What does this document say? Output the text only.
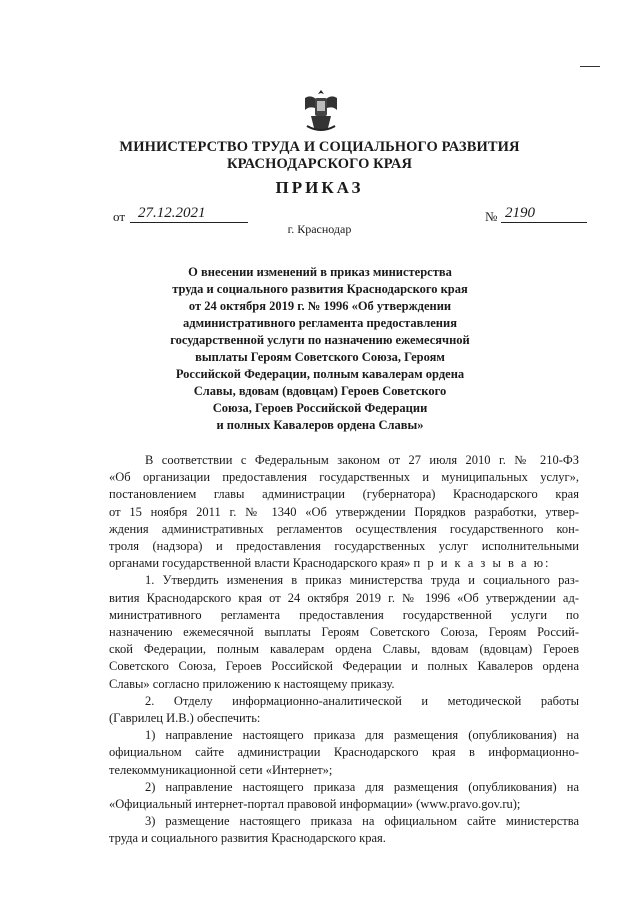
МИНИСТЕРСТВО ТРУДА И СОЦИАЛЬНОГО РАЗВИТИЯ
КРАСНОДАРСКОГО КРАЯ
ПРИКАЗ
от 27.12.2021	№ 2190
г. Краснодар
О внесении изменений в приказ министерства
труда и социального развития Краснодарского края
от 24 октября 2019 г. № 1996 «Об утверждении
административного регламента предоставления
государственной услуги по назначению ежемесячной
выплаты Героям Советского Союза, Героям
Российской Федерации, полным кавалерам ордена
Славы, вдовам (вдовцам) Героев Советского
Союза, Героев Российской Федерации
и полных Кавалеров ордена Славы»
В соответствии с Федеральным законом от 27 июля 2010 г. № 210-ФЗ
«Об организации предоставления государственных и муниципальных услуг»,
постановлением главы администрации (губернатора) Краснодарского края
от 15 ноября 2011 г. № 1340 «Об утверждении Порядков разработки, утвер-
ждения административных регламентов осуществления государственного кон-
троля (надзора) и предоставления государственных услуг исполнительными
органами государственной власти Краснодарского края» п р и к а з ы в а ю:
1. Утвердить изменения в приказ министерства труда и социального раз-
вития Краснодарского края от 24 октября 2019 г. № 1996 «Об утверждении ад-
министративного регламента предоставления государственной услуги по
назначению ежемесячной выплаты Героям Советского Союза, Героям Россий-
ской Федерации, полным кавалерам ордена Славы, вдовам (вдовцам) Героев
Советского Союза, Героев Российской Федерации и полных Кавалеров ордена
Славы» согласно приложению к настоящему приказу.
2. Отделу информационно-аналитической и методической работы
(Гаврилец И.В.) обеспечить:
1) направление настоящего приказа для размещения (опубликования) на
официальном сайте администрации Краснодарского края в информационно-
телекоммуникационной сети «Интернет»;
2) направление настоящего приказа для размещения (опубликования) на
«Официальный интернет-портал правовой информации» (www.pravo.gov.ru);
3) размещение настоящего приказа на официальном сайте министерства
труда и социального развития Краснодарского края.
